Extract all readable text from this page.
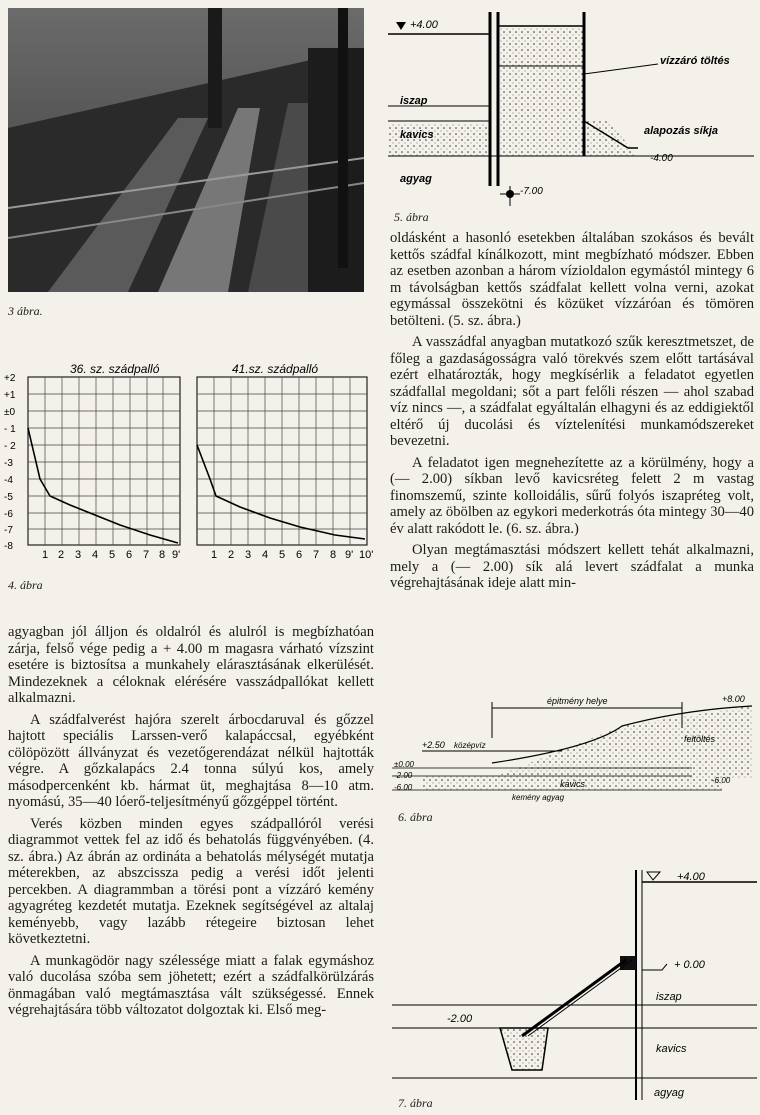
3 ábra.
36. sz. szádpalló	41.sz. szádpalló
+2
+1
±0
- 1
- 2
-3
-4
-5
-6
-7
-8
1 2 3 4 5 6 7 8 9'	1 2 3 4 5 6 7 8 9' 10'
4. ábra

agyagban jól álljon és oldalról és alulról is megbízhatóan zárja, felső vége pedig a + 4.00 m magasra várható vízszint esetére is biztosítsa a munkahely elárasztásának elkerülését. Mindezeknek a céloknak elérésére vasszádpallókat kellett alkalmazni.

A szádfalverést hajóra szerelt árbocdaruval és gőzzel hajtott speciális Larssen-verő kalapáccsal, egyébként cölöpözött állványzat és vezetőgerendázat nélkül hajtották végre. A gőzkalapács 2.4 tonna súlyú kos, amely másodpercenként kb. hármat üt, meghajtása 8—10 atm. nyomású, 35—40 lóerő-teljesítményű gőzgéppel történt.

Verés közben minden egyes szádpallóról verési diagrammot vettek fel az idő és behatolás függvényében. (4. sz. ábra.) Az ábrán az ordináta a behatolás mélységét mutatja méterekben, az abszcissza pedig a verési időt jelenti percekben. A diagrammban a törési pont a vízzáró kemény agyagréteg kezdetét mutatja. Ezeknek segítségével az altalaj keményebb, vagy lazább rétegeire biztosan lehet következtetni.

A munkagödör nagy szélessége miatt a falak egymáshoz való ducolása szóba sem jöhetett; ezért a szádfalkörülzárás önmagában való megtámasztása vált szükségessé. Ennek végrehajtására több változatot dolgoztak ki. Első meg-

+4.00
vízzáró töltés
iszap
kavics	alapozás síkja
-4.00
agyag
-7.00
5. ábra

oldásként a hasonló esetekben általában szokásos és bevált kettős szádfal kínálkozott, mint megbízható módszer. Ebben az esetben azonban a három vízioldalon egymástól mintegy 6 m távolságban kettős szádfalat kellett volna verni, azokat egymással összekötni és közüket vízzáróan és tömören betölteni. (5. sz. ábra.)

A vasszádfal anyagban mutatkozó szűk keresztmetszet, de főleg a gazdaságosságra való törekvés szem előtt tartásával ezért elhatározták, hogy megkísérlik a feladatot egyetlen szádfallal megoldani; sőt a part felőli részen — ahol szabad víz nincs —, a szádfalat egyáltalán elhagyni és az eddigiektől eltérő új ducolási és víztelenítési munkamódszereket bevezetni.

A feladatot igen megnehezítette az a körülmény, hogy a (— 2.00) síkban levő kavicsréteg felett 2 m vastag finomszemű, szinte kolloidális, sűrű folyós iszapréteg volt, amely az öbölben az egykori mederkotrás óta mintegy 30—40 év alatt rakódott le. (6. sz. ábra.)

Olyan megtámasztási módszert kellett tehát alkalmazni, mely a (— 2.00) sík alá levert szádfalat a munka végrehajtásának ideje alatt min-

épitmény helye	+8.00
feltöltés
+2.50 középvíz
±0.00
-2.00
kavics
-6.00
-6.00
kemény agyag
6. ábra
+4.00
+ 0.00
iszap
-2.00
kavics
agyag
7. ábra
